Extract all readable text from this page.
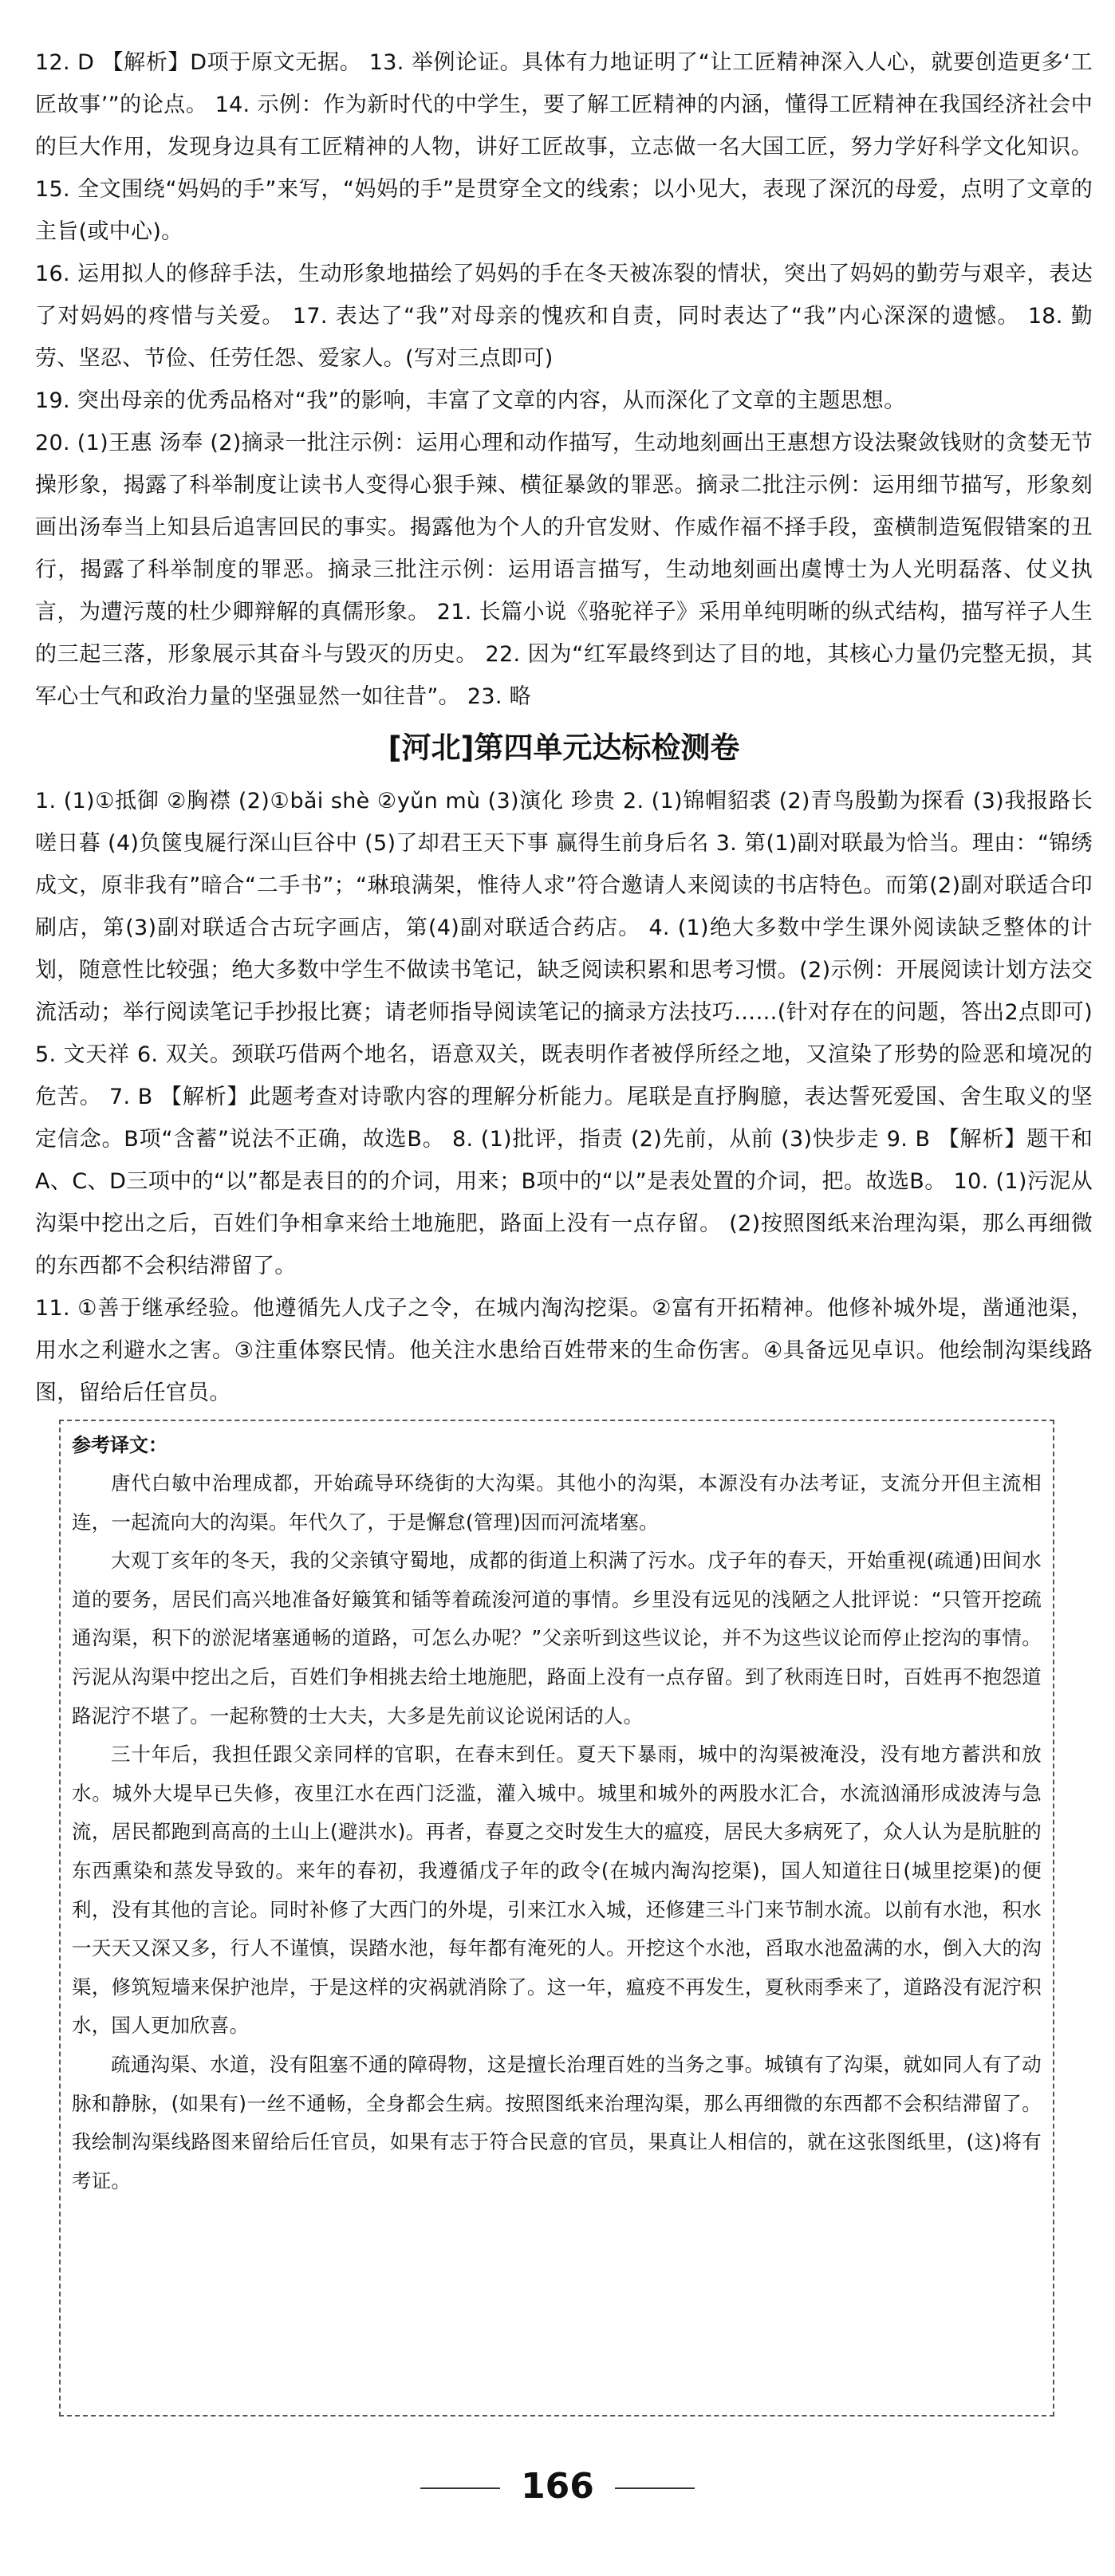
12. D 【解析】D项于原文无据。 13. 举例论证。具体有力地证明了“让工匠精神深入人心，就要创造更多‘工匠故事’”的论点。 14. 示例：作为新时代的中学生，要了解工匠精神的内涵，懂得工匠精神在我国经济社会中的巨大作用，发现身边具有工匠精神的人物，讲好工匠故事，立志做一名大国工匠，努力学好科学文化知识。 15. 全文围绕“妈妈的手”来写，“妈妈的手”是贯穿全文的线索；以小见大，表现了深沉的母爱，点明了文章的主旨(或中心)。

16. 运用拟人的修辞手法，生动形象地描绘了妈妈的手在冬天被冻裂的情状，突出了妈妈的勤劳与艰辛，表达了对妈妈的疼惜与关爱。 17. 表达了“我”对母亲的愧疚和自责，同时表达了“我”内心深深的遗憾。 18. 勤劳、坚忍、节俭、任劳任怨、爱家人。(写对三点即可)

19. 突出母亲的优秀品格对“我”的影响，丰富了文章的内容，从而深化了文章的主题思想。

20. (1)王惠 汤奉 (2)摘录一批注示例：运用心理和动作描写，生动地刻画出王惠想方设法聚敛钱财的贪婪无节操形象，揭露了科举制度让读书人变得心狠手辣、横征暴敛的罪恶。摘录二批注示例：运用细节描写，形象刻画出汤奉当上知县后追害回民的事实。揭露他为个人的升官发财、作威作福不择手段，蛮横制造冤假错案的丑行，揭露了科举制度的罪恶。摘录三批注示例：运用语言描写，生动地刻画出虞博士为人光明磊落、仗义执言，为遭污蔑的杜少卿辩解的真儒形象。 21. 长篇小说《骆驼祥子》采用单纯明晰的纵式结构，描写祥子人生的三起三落，形象展示其奋斗与毁灭的历史。 22. 因为“红军最终到达了目的地，其核心力量仍完整无损，其军心士气和政治力量的坚强显然一如往昔”。 23. 略

[河北]第四单元达标检测卷

1. (1)①抵御 ②胸襟 (2)①bǎi shè ②yǔn mù (3)演化 珍贵 2. (1)锦帽貂裘 (2)青鸟殷勤为探看 (3)我报路长嗟日暮 (4)负箧曳屣行深山巨谷中 (5)了却君王天下事 赢得生前身后名 3. 第(1)副对联最为恰当。理由：“锦绣成文，原非我有”暗合“二手书”；“琳琅满架，惟待人求”符合邀请人来阅读的书店特色。而第(2)副对联适合印刷店，第(3)副对联适合古玩字画店，第(4)副对联适合药店。 4. (1)绝大多数中学生课外阅读缺乏整体的计划，随意性比较强；绝大多数中学生不做读书笔记，缺乏阅读积累和思考习惯。(2)示例：开展阅读计划方法交流活动；举行阅读笔记手抄报比赛；请老师指导阅读笔记的摘录方法技巧……(针对存在的问题，答出2点即可) 5. 文天祥 6. 双关。颈联巧借两个地名，语意双关，既表明作者被俘所经之地，又渲染了形势的险恶和境况的危苦。 7. B 【解析】此题考查对诗歌内容的理解分析能力。尾联是直抒胸臆，表达誓死爱国、舍生取义的坚定信念。B项“含蓄”说法不正确，故选B。 8. (1)批评，指责 (2)先前，从前 (3)快步走 9. B 【解析】题干和A、C、D三项中的“以”都是表目的的介词，用来；B项中的“以”是表处置的介词，把。故选B。 10. (1)污泥从沟渠中挖出之后，百姓们争相拿来给土地施肥，路面上没有一点存留。 (2)按照图纸来治理沟渠，那么再细微的东西都不会积结滞留了。

11. ①善于继承经验。他遵循先人戊子之令，在城内淘沟挖渠。②富有开拓精神。他修补城外堤，凿通池渠，用水之利避水之害。③注重体察民情。他关注水患给百姓带来的生命伤害。④具备远见卓识。他绘制沟渠线路图，留给后任官员。

参考译文：

唐代白敏中治理成都，开始疏导环绕街的大沟渠。其他小的沟渠，本源没有办法考证，支流分开但主流相连，一起流向大的沟渠。年代久了，于是懈怠(管理)因而河流堵塞。

大观丁亥年的冬天，我的父亲镇守蜀地，成都的街道上积满了污水。戊子年的春天，开始重视(疏通)田间水道的要务，居民们高兴地准备好簸箕和锸等着疏浚河道的事情。乡里没有远见的浅陋之人批评说：“只管开挖疏通沟渠，积下的淤泥堵塞通畅的道路，可怎么办呢？”父亲听到这些议论，并不为这些议论而停止挖沟的事情。污泥从沟渠中挖出之后，百姓们争相挑去给土地施肥，路面上没有一点存留。到了秋雨连日时，百姓再不抱怨道路泥泞不堪了。一起称赞的士大夫，大多是先前议论说闲话的人。

三十年后，我担任跟父亲同样的官职，在春末到任。夏天下暴雨，城中的沟渠被淹没，没有地方蓄洪和放水。城外大堤早已失修，夜里江水在西门泛滥，灌入城中。城里和城外的两股水汇合，水流汹涌形成波涛与急流，居民都跑到高高的土山上(避洪水)。再者，春夏之交时发生大的瘟疫，居民大多病死了，众人认为是肮脏的东西熏染和蒸发导致的。来年的春初，我遵循戊子年的政令(在城内淘沟挖渠)，国人知道往日(城里挖渠)的便利，没有其他的言论。同时补修了大西门的外堤，引来江水入城，还修建三斗门来节制水流。以前有水池，积水一天天又深又多，行人不谨慎，误踏水池，每年都有淹死的人。开挖这个水池，舀取水池盈满的水，倒入大的沟渠，修筑短墙来保护池岸，于是这样的灾祸就消除了。这一年，瘟疫不再发生，夏秋雨季来了，道路没有泥泞积水，国人更加欣喜。

疏通沟渠、水道，没有阻塞不通的障碍物，这是擅长治理百姓的当务之事。城镇有了沟渠，就如同人有了动脉和静脉，(如果有)一丝不通畅，全身都会生病。按照图纸来治理沟渠，那么再细微的东西都不会积结滞留了。我绘制沟渠线路图来留给后任官员，如果有志于符合民意的官员，果真让人相信的，就在这张图纸里，(这)将有考证。

166
